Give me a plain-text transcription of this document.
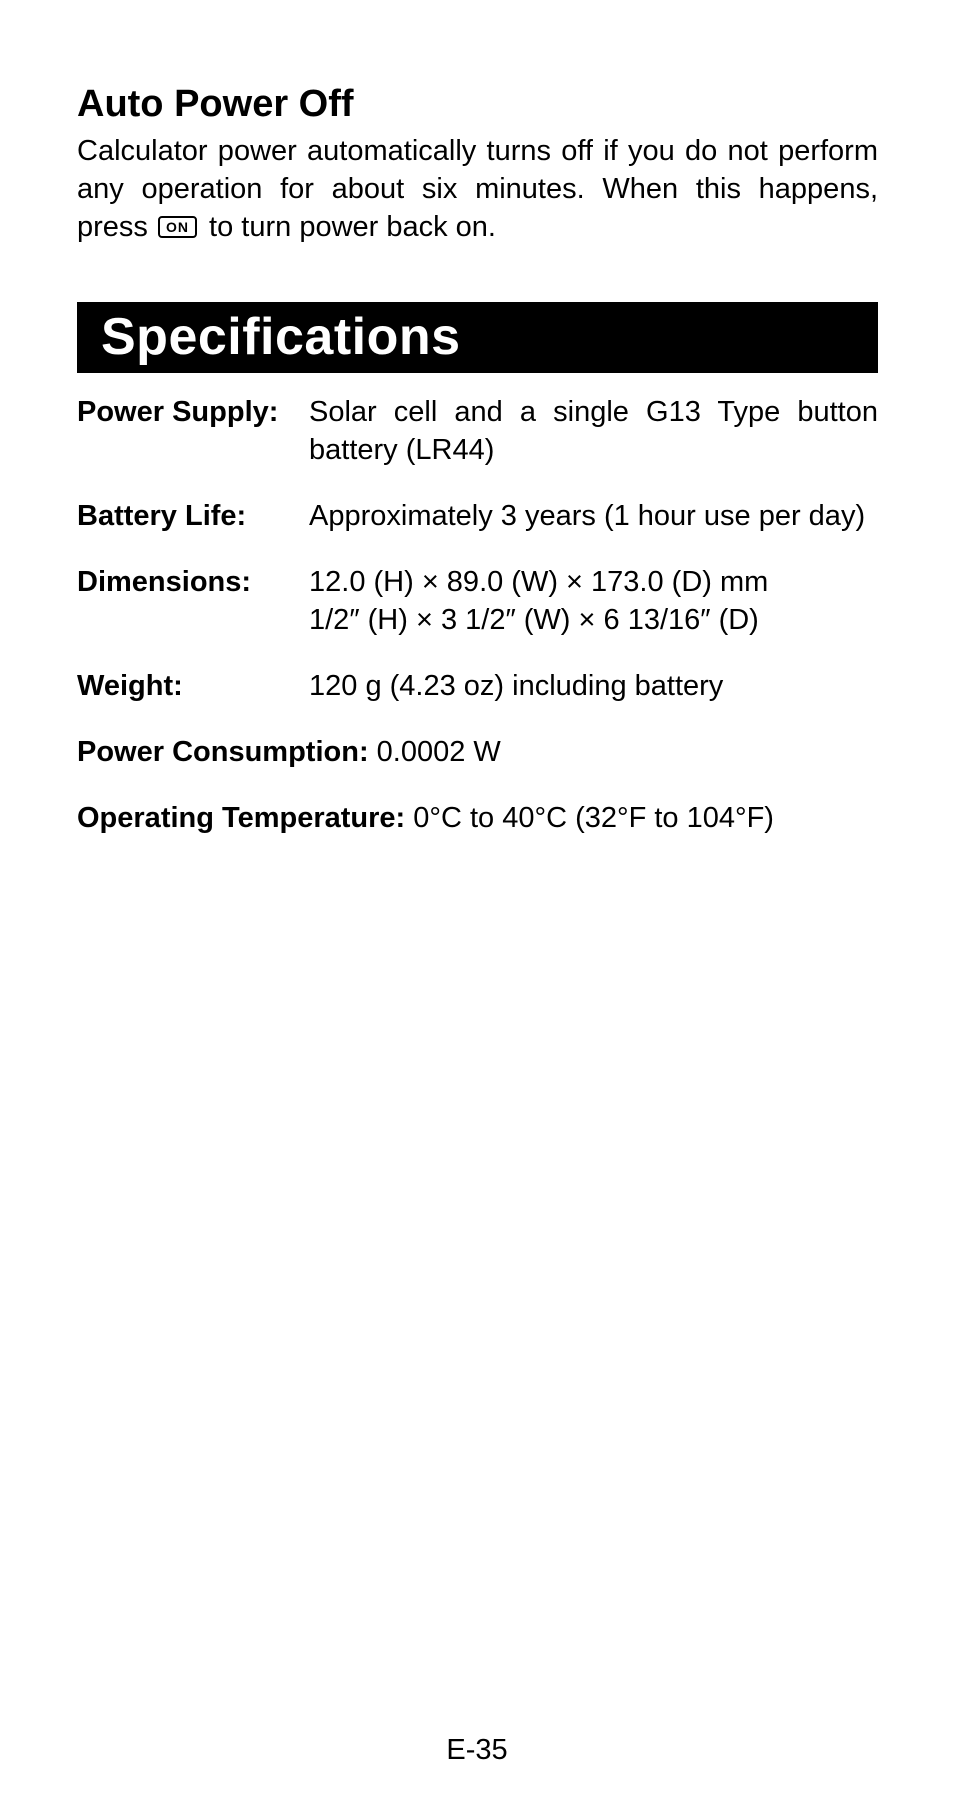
Auto Power Off

Calculator power automatically turns off if you do not perform any operation for about six minutes. When this happens, press ON to turn power back on.

Specifications
Power Supply:	Solar cell and a single G13 Type button battery (LR44)
Battery Life:	Approximately 3 years (1 hour use per day)
Dimensions:	12.0 (H) × 89.0 (W) × 173.0 (D) mm
1/2″ (H) × 3 1/2″ (W) × 6 13/16″ (D)
Weight:	120 g (4.23 oz) including battery
Power Consumption: 0.0002 W
Operating Temperature: 0°C to 40°C (32°F to 104°F)
E-35
